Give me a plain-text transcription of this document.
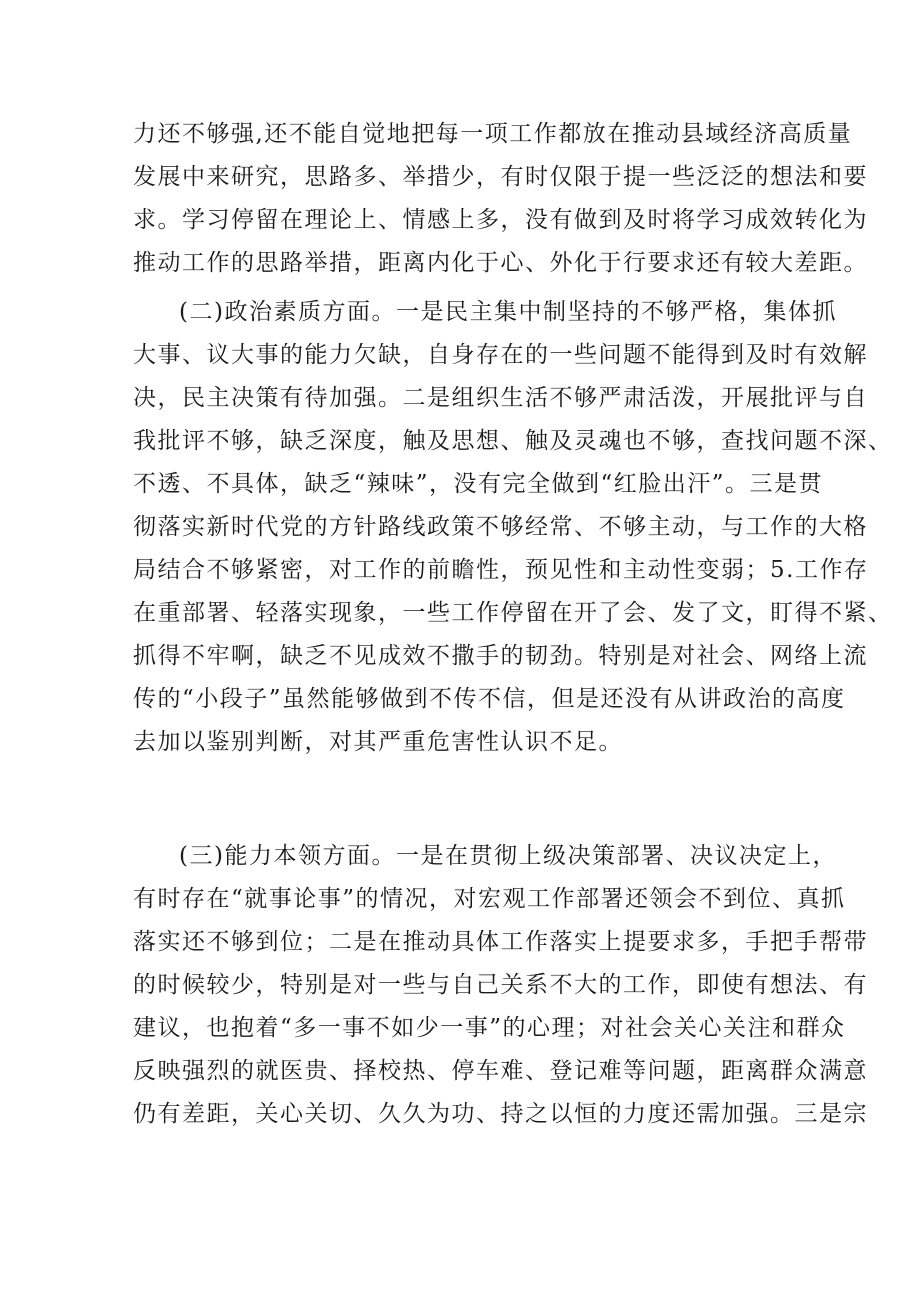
力还不够强,还不能自觉地把每一项工作都放在推动县域经济高质量
发展中来研究，思路多、举措少，有时仅限于提一些泛泛的想法和要
求。学习停留在理论上、情感上多，没有做到及时将学习成效转化为
推动工作的思路举措，距离内化于心、外化于行要求还有较大差距。
(二)政治素质方面。一是民主集中制坚持的不够严格，集体抓
大事、议大事的能力欠缺，自身存在的一些问题不能得到及时有效解
决，民主决策有待加强。二是组织生活不够严肃活泼，开展批评与自
我批评不够，缺乏深度，触及思想、触及灵魂也不够，查找问题不深、
不透、不具体，缺乏“辣味”，没有完全做到“红脸出汗”。三是贯
彻落实新时代党的方针路线政策不够经常、不够主动，与工作的大格
局结合不够紧密，对工作的前瞻性，预见性和主动性变弱；5.工作存
在重部署、轻落实现象，一些工作停留在开了会、发了文，盯得不紧、
抓得不牢啊，缺乏不见成效不撒手的韧劲。特别是对社会、网络上流
传的“小段子”虽然能够做到不传不信，但是还没有从讲政治的高度
去加以鉴别判断，对其严重危害性认识不足。
(三)能力本领方面。一是在贯彻上级决策部署、决议决定上，
有时存在“就事论事”的情况，对宏观工作部署还领会不到位、真抓
落实还不够到位；二是在推动具体工作落实上提要求多，手把手帮带
的时候较少，特别是对一些与自己关系不大的工作，即使有想法、有
建议，也抱着“多一事不如少一事”的心理；对社会关心关注和群众
反映强烈的就医贵、择校热、停车难、登记难等问题，距离群众满意
仍有差距，关心关切、久久为功、持之以恒的力度还需加强。三是宗
